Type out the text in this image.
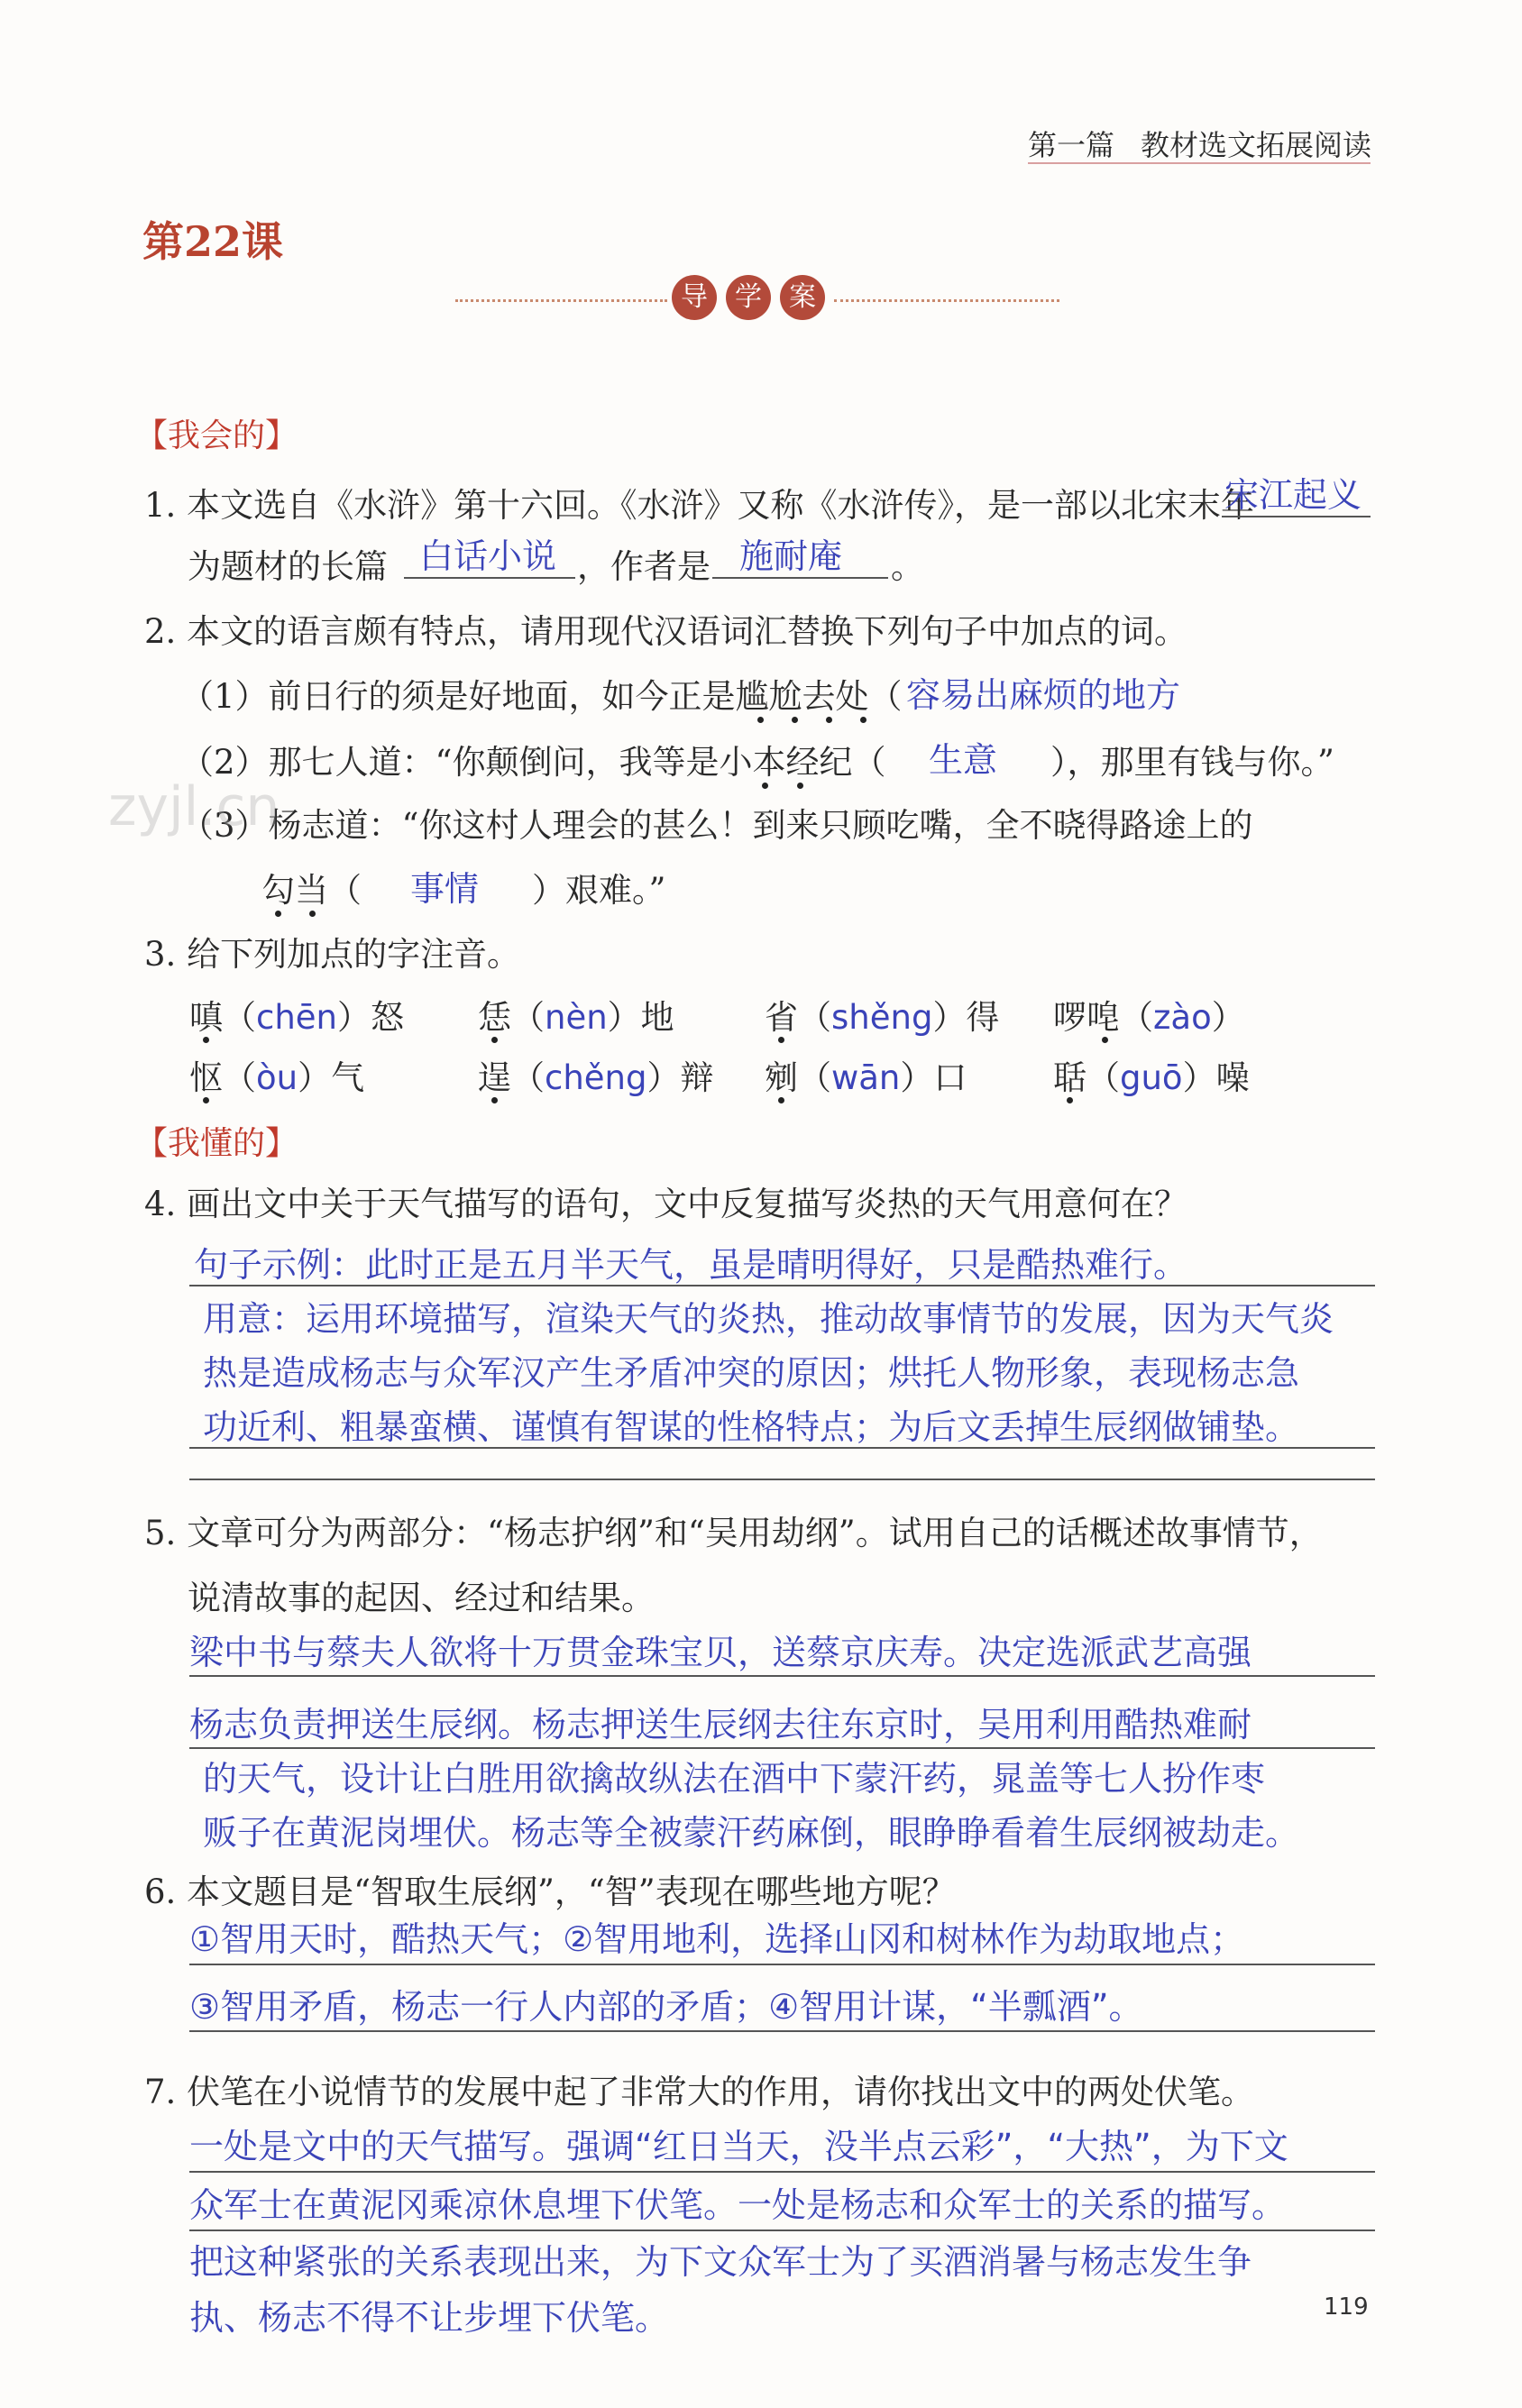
第一篇 教材选文拓展阅读
第22课
导	学	案
【我会的】
1. 本文选自《水浒》第十六回。《水浒》又称《水浒传》，是一部以北宋末年
宋江起义
为题材的长篇 白话小说 ，作者是 施耐庵 。
2. 本文的语言颇有特点，请用现代汉语词汇替换下列句子中加点的词。
（1）前日行的须是好地面，如今正是尴尬去处（ 容易出麻烦的地方
（2）那七人道：“你颠倒问，我等是小本经纪（ 生意 ），那里有钱与你。”
（3）杨志道：“你这村人理会的甚么！到来只顾吃嘴，全不晓得路途上的
勾当（ 事情 ）艰难。”
3. 给下列加点的字注音。
嗔（chēn）怒 恁（nèn）地	省（shěng）得 啰唣（zào）
怄（òu）气	逞（chěng）辩 剜（wān）口	聒（guō）噪
【我懂的】
4. 画出文中关于天气描写的语句，文中反复描写炎热的天气用意何在？
句子示例：此时正是五月半天气，虽是晴明得好，只是酷热难行。
用意：运用环境描写，渲染天气的炎热，推动故事情节的发展，因为天气炎
热是造成杨志与众军汉产生矛盾冲突的原因；烘托人物形象，表现杨志急
功近利、粗暴蛮横、谨慎有智谋的性格特点；为后文丢掉生辰纲做铺垫。
5. 文章可分为两部分：“杨志护纲”和“吴用劫纲”。试用自己的话概述故事情节，
说清故事的起因、经过和结果。
梁中书与蔡夫人欲将十万贯金珠宝贝，送蔡京庆寿。决定选派武艺高强
杨志负责押送生辰纲。杨志押送生辰纲去往东京时，吴用利用酷热难耐
的天气，设计让白胜用欲擒故纵法在酒中下蒙汗药，晁盖等七人扮作枣
贩子在黄泥岗埋伏。杨志等全被蒙汗药麻倒，眼睁睁看着生辰纲被劫走。
6. 本文题目是“智取生辰纲”，“智”表现在哪些地方呢？
①智用天时，酷热天气；②智用地利，选择山冈和树林作为劫取地点；
③智用矛盾，杨志一行人内部的矛盾；④智用计谋，“半瓢酒”。
7. 伏笔在小说情节的发展中起了非常大的作用，请你找出文中的两处伏笔。
一处是文中的天气描写。强调“红日当天，没半点云彩”，“大热”，为下文
众军士在黄泥冈乘凉休息埋下伏笔。一处是杨志和众军士的关系的描写。
把这种紧张的关系表现出来，为下文众军士为了买酒消暑与杨志发生争
执、杨志不得不让步埋下伏笔。	119
zyjl.cn
